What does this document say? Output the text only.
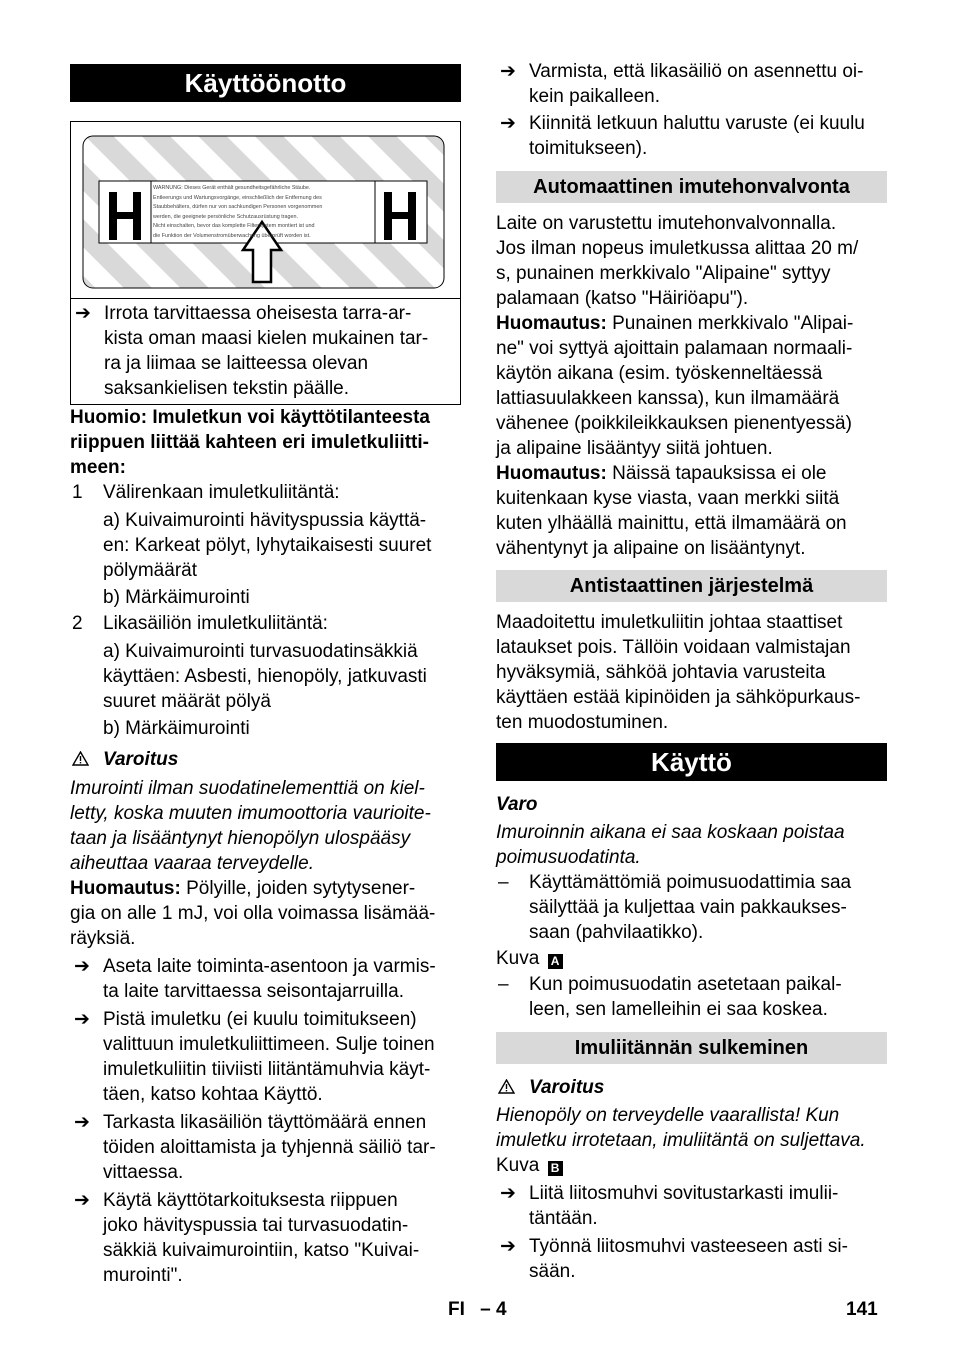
Käyttöönotto
WARNUNG: Dieses Gerät enthält gesundheitsgefährliche Stäube.
Entleerungs und Wartungsvorgänge, einschließlich der Entfernung des
Staubbehälters, dürfen nur von sachkundigen Personen vorgenommen
werden, die geeignete persönliche Schutzausrüstung tragen.
Nicht einschalten, bevor das komplette Filtersystem montiert ist und
die Funktion der Volumenstromüberwachung überprüft worden ist.
➔ Irrota tarvittaessa oheisesta tarra-ar-
kista oman maasi kielen mukainen tar-
ra ja liimaa se laitteessa olevan
saksankielisen tekstin päälle.
Huomio: Imuletkun voi käyttötilanteesta
riippuen liittää kahteen eri imuletkuliitti-
meen:
1 Välirenkaan imuletkuliitäntä:
a) Kuivaimurointi hävityspussia käyttä-
en: Karkeat pölyt, lyhytaikaisesti suuret
pölymäärät
b) Märkäimurointi
2 Likasäiliön imuletkuliitäntä:
a) Kuivaimurointi turvasuodatinsäkkiä
käyttäen: Asbesti, hienopöly, jatkuvasti
suuret määrät pölyä
b) Märkäimurointi
Varoitus
Imurointi ilman suodatinelementtiä on kiel-
letty, koska muuten imumoottoria vaurioite-
taan ja lisääntynyt hienopölyn ulospääsy
aiheuttaa vaaraa terveydelle.
Huomautus: Pölyille, joiden sytytysener-
gia on alle 1 mJ, voi olla voimassa lisämää-
räyksiä.
➔ Aseta laite toiminta-asentoon ja varmis-
ta laite tarvittaessa seisontajarruilla.
➔ Pistä imuletku (ei kuulu toimitukseen)
valittuun imuletkuliittimeen. Sulje toinen
imuletkuliitin tiiviisti liitäntämuhvia käyt-
täen, katso kohtaa Käyttö.
➔ Tarkasta likasäiliön täyttömäärä ennen
töiden aloittamista ja tyhjennä säiliö tar-
vittaessa.
➔ Käytä käyttötarkoituksesta riippuen
joko hävityspussia tai turvasuodatin-
säkkiä kuivaimurointiin, katso "Kuivai-
murointi".
➔ Varmista, että likasäiliö on asennettu oi-
kein paikalleen.
➔ Kiinnitä letkuun haluttu varuste (ei kuulu
toimitukseen).
Automaattinen imutehonvalvonta
Laite on varustettu imutehonvalvonnalla.
Jos ilman nopeus imuletkussa alittaa 20 m/
s, punainen merkkivalo "Alipaine" syttyy
palamaan (katso "Häiriöapu").
Huomautus: Punainen merkkivalo "Alipai-
ne" voi syttyä ajoittain palamaan normaali-
käytön aikana (esim. työskenneltäessä
lattiasuulakkeen kanssa), kun ilmamäärä
vähenee (poikkileikkauksen pienentyessä)
ja alipaine lisääntyy siitä johtuen.
Huomautus: Näissä tapauksissa ei ole
kuitenkaan kyse viasta, vaan merkki siitä
kuten ylhäällä mainittu, että ilmamäärä on
vähentynyt ja alipaine on lisääntynyt.
Antistaattinen järjestelmä
Maadoitettu imuletkuliitin johtaa staattiset
lataukset pois. Tällöin voidaan valmistajan
hyväksymiä, sähköä johtavia varusteita
käyttäen estää kipinöiden ja sähköpurkaus-
ten muodostuminen.
Käyttö
Varo
Imuroinnin aikana ei saa koskaan poistaa
poimusuodatinta.
– Käyttämättömiä poimusuodattimia saa
säilyttää ja kuljettaa vain pakkaukses-
saan (pahvilaatikko).
Kuva A
– Kun poimusuodatin asetetaan paikal-
leen, sen lamelleihin ei saa koskea.
Imuliitännän sulkeminen
Varoitus
Hienopöly on terveydelle vaarallista! Kun
imuletku irrotetaan, imuliitäntä on suljettava.
Kuva B
➔ Liitä liitosmuhvi sovitustarkasti imulii-
täntään.
➔ Työnnä liitosmuhvi vasteeseen asti si-
sään.
FI – 4	141
